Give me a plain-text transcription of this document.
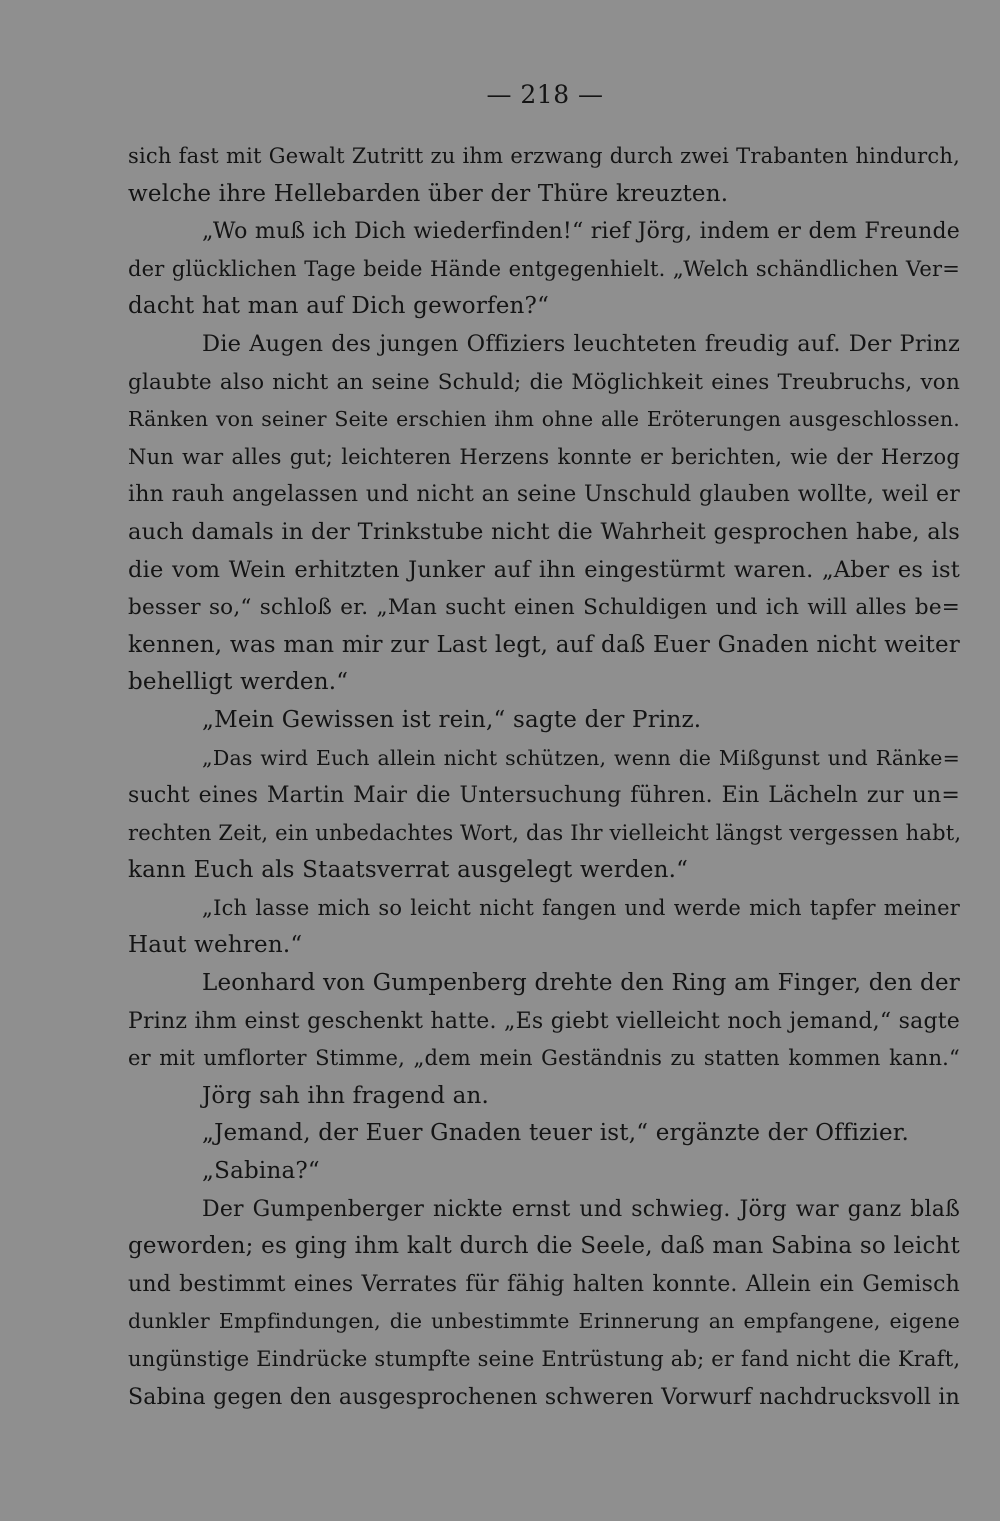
— 218 —
sich fast mit Gewalt Zutritt zu ihm erzwang durch zwei Trabanten hindurch,
welche ihre Hellebarden über der Thüre kreuzten.
„Wo muß ich Dich wiederfinden!“ rief Jörg, indem er dem Freunde
der glücklichen Tage beide Hände entgegenhielt. „Welch schändlichen Ver=
dacht hat man auf Dich geworfen?“
Die Augen des jungen Offiziers leuchteten freudig auf. Der Prinz
glaubte also nicht an seine Schuld; die Möglichkeit eines Treubruchs, von
Ränken von seiner Seite erschien ihm ohne alle Eröterungen ausgeschlossen.
Nun war alles gut; leichteren Herzens konnte er berichten, wie der Herzog
ihn rauh angelassen und nicht an seine Unschuld glauben wollte, weil er
auch damals in der Trinkstube nicht die Wahrheit gesprochen habe, als
die vom Wein erhitzten Junker auf ihn eingestürmt waren. „Aber es ist
besser so,“ schloß er. „Man sucht einen Schuldigen und ich will alles be=
kennen, was man mir zur Last legt, auf daß Euer Gnaden nicht weiter
behelligt werden.“
„Mein Gewissen ist rein,“ sagte der Prinz.
„Das wird Euch allein nicht schützen, wenn die Mißgunst und Ränke=
sucht eines Martin Mair die Untersuchung führen. Ein Lächeln zur un=
rechten Zeit, ein unbedachtes Wort, das Ihr vielleicht längst vergessen habt,
kann Euch als Staatsverrat ausgelegt werden.“
„Ich lasse mich so leicht nicht fangen und werde mich tapfer meiner
Haut wehren.“
Leonhard von Gumpenberg drehte den Ring am Finger, den der
Prinz ihm einst geschenkt hatte. „Es giebt vielleicht noch jemand,“ sagte
er mit umflorter Stimme, „dem mein Geständnis zu statten kommen kann.“
Jörg sah ihn fragend an.
„Jemand, der Euer Gnaden teuer ist,“ ergänzte der Offizier.
„Sabina?“
Der Gumpenberger nickte ernst und schwieg. Jörg war ganz blaß
geworden; es ging ihm kalt durch die Seele, daß man Sabina so leicht
und bestimmt eines Verrates für fähig halten konnte. Allein ein Gemisch
dunkler Empfindungen, die unbestimmte Erinnerung an empfangene, eigene
ungünstige Eindrücke stumpfte seine Entrüstung ab; er fand nicht die Kraft,
Sabina gegen den ausgesprochenen schweren Vorwurf nachdrucksvoll in
